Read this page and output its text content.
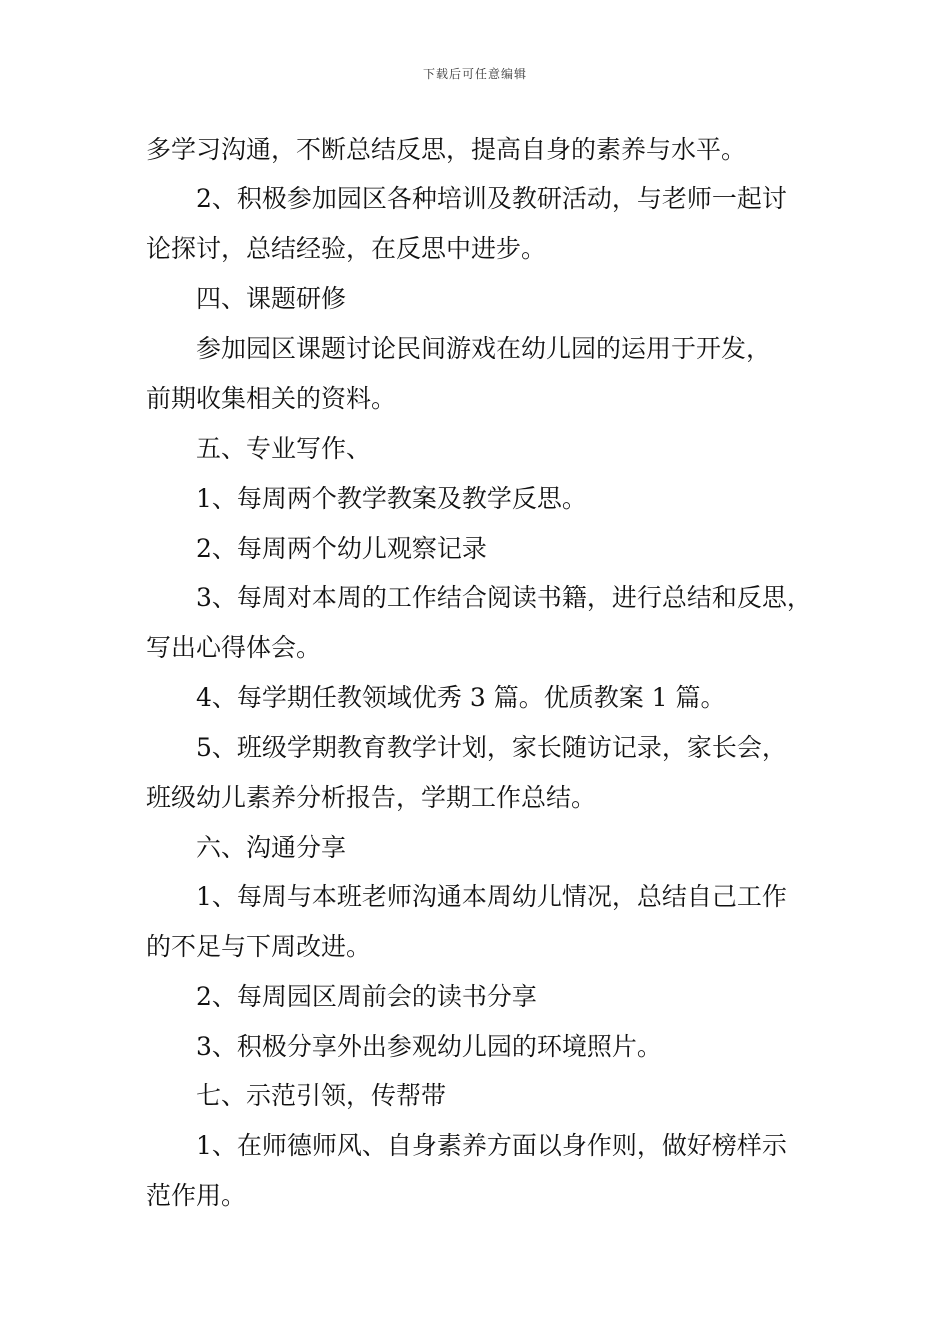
下载后可任意编辑
多学习沟通，不断总结反思，提高自身的素养与水平。
2、积极参加园区各种培训及教研活动，与老师一起讨
论探讨，总结经验，在反思中进步。
四、课题研修
参加园区课题讨论民间游戏在幼儿园的运用于开发，
前期收集相关的资料。
五、专业写作、
1、每周两个教学教案及教学反思。
2、每周两个幼儿观察记录
3、每周对本周的工作结合阅读书籍，进行总结和反思，
写出心得体会。
4、每学期任教领域优秀 3 篇。优质教案 1 篇。
5、班级学期教育教学计划，家长随访记录，家长会，
班级幼儿素养分析报告，学期工作总结。
六、沟通分享
1、每周与本班老师沟通本周幼儿情况，总结自己工作
的不足与下周改进。
2、每周园区周前会的读书分享
3、积极分享外出参观幼儿园的环境照片。
七、示范引领，传帮带
1、在师德师风、自身素养方面以身作则，做好榜样示
范作用。
